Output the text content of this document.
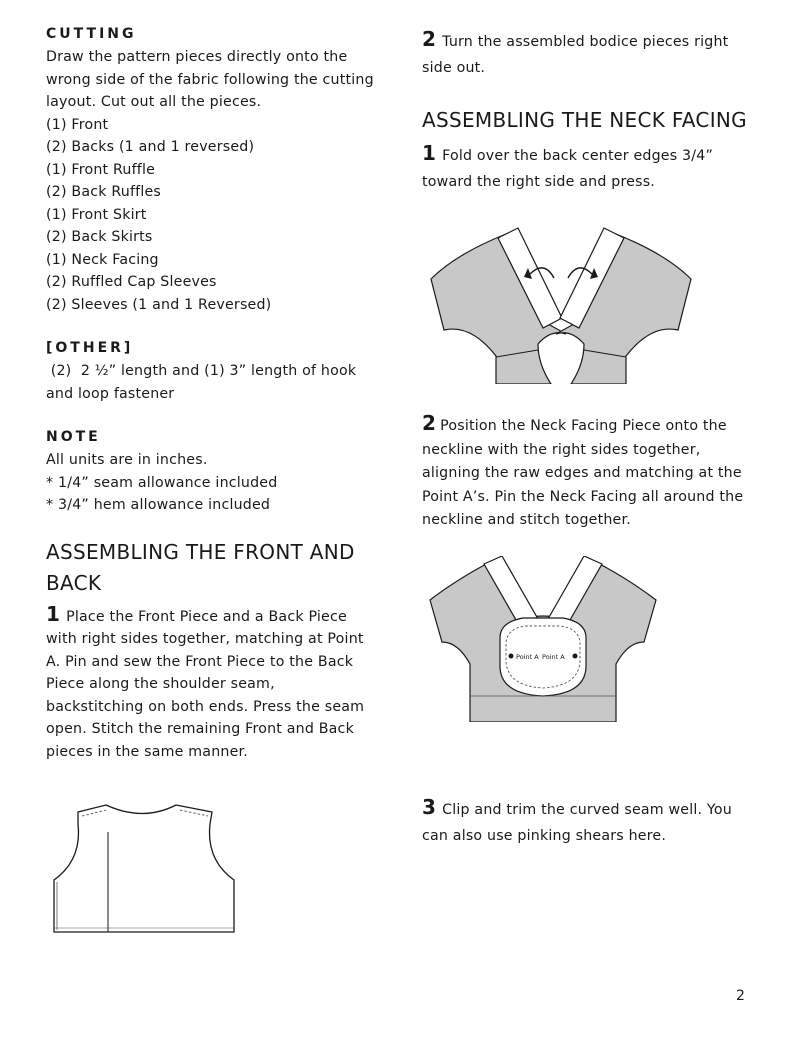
CUTTING

Draw the pattern pieces directly onto the wrong side of the fabric following the cutting layout. Cut out all the pieces.

(1) Front
(2) Backs (1 and 1 reversed)
(1) Front Ruffle
(2) Back Ruffles
(1) Front Skirt
(2) Back Skirts
(1) Neck Facing
(2) Ruffled Cap Sleeves
(2) Sleeves (1 and 1 Reversed)

[OTHER]

(2)  2 ½” length and (1) 3” length of hook and loop fastener

NOTE

All units are in inches.

* 1/4” seam allowance included

* 3/4” hem allowance included

ASSEMBLING THE FRONT AND BACK

1 Place the Front Piece and a Back Piece with right sides together, matching at Point A. Pin and sew the Front Piece to the Back Piece along the shoulder seam, backstitching on both ends. Press the seam open. Stitch the remaining Front and Back pieces in the same manner.

2 Turn the assembled bodice pieces right side out.

ASSEMBLING THE NECK FACING

1 Fold over the back center edges 3/4” toward the right side and press.

2 Position the Neck Facing Piece onto the neckline with the right sides together, aligning the raw edges and matching at the Point A’s. Pin the Neck Facing all around the neckline and stitch together.

Point A Point A

3 Clip and trim the curved seam well. You can also use pinking shears here.

2
